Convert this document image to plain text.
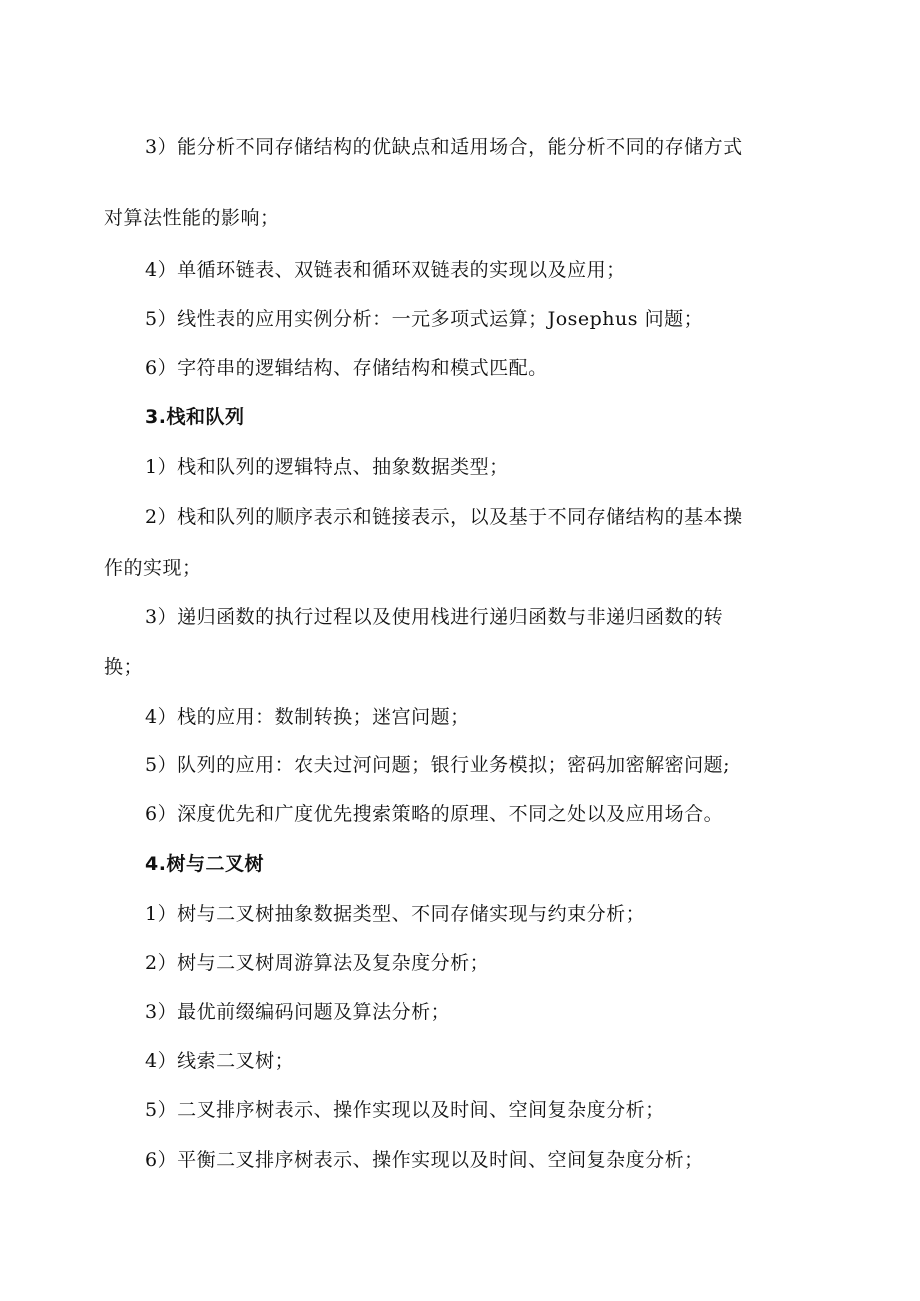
3）能分析不同存储结构的优缺点和适用场合，能分析不同的存储方式
对算法性能的影响；
4）单循环链表、双链表和循环双链表的实现以及应用；
5）线性表的应用实例分析：一元多项式运算；Josephus 问题；
6）字符串的逻辑结构、存储结构和模式匹配。
3.栈和队列
1）栈和队列的逻辑特点、抽象数据类型；
2）栈和队列的顺序表示和链接表示，以及基于不同存储结构的基本操
作的实现；
3）递归函数的执行过程以及使用栈进行递归函数与非递归函数的转
换；
4）栈的应用：数制转换；迷宫问题；
5）队列的应用：农夫过河问题；银行业务模拟；密码加密解密问题;
6）深度优先和广度优先搜索策略的原理、不同之处以及应用场合。
4.树与二叉树
1）树与二叉树抽象数据类型、不同存储实现与约束分析；
2）树与二叉树周游算法及复杂度分析；
3）最优前缀编码问题及算法分析；
4）线索二叉树；
5）二叉排序树表示、操作实现以及时间、空间复杂度分析；
6）平衡二叉排序树表示、操作实现以及时间、空间复杂度分析；
